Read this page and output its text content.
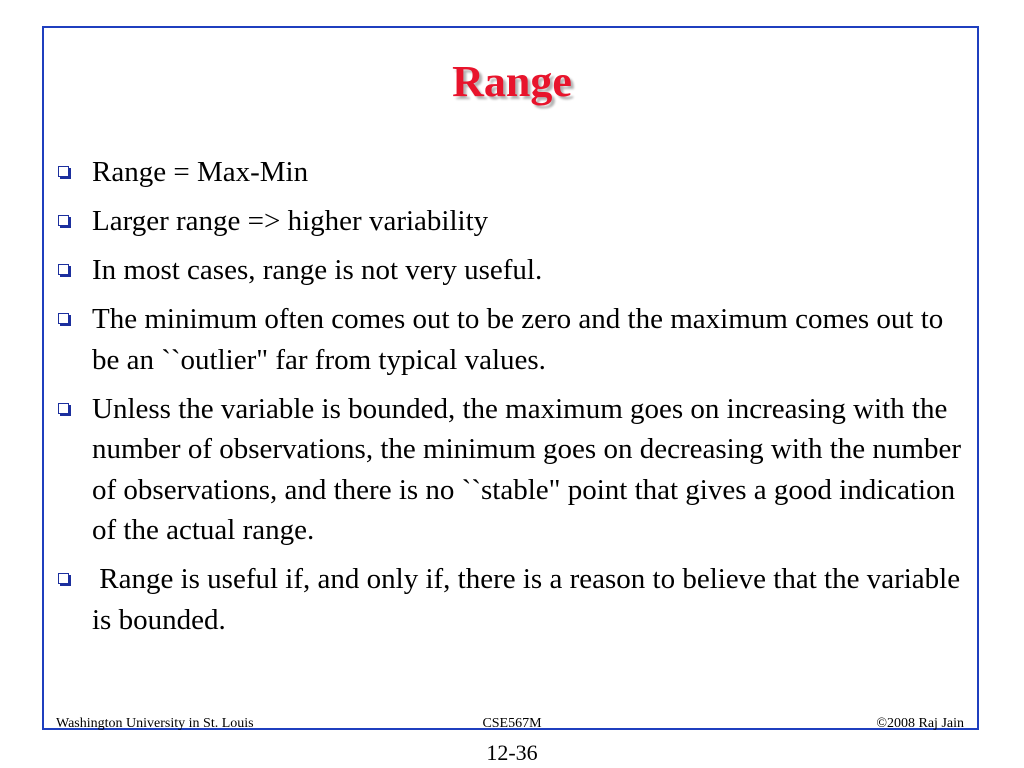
Range
Range = Max-Min
Larger range => higher variability
In most cases, range is not very useful.
The minimum often comes out to be zero and the maximum comes out to be an ``outlier" far from typical values.
Unless the variable is bounded, the maximum goes on increasing with the number of observations, the minimum goes on decreasing with the number of observations, and there is no ``stable" point that gives a good indication of the actual range.
Range is useful if, and only if, there is a reason to believe that the variable is bounded.
Washington University in St. Louis	CSE567M	©2008 Raj Jain
12-36
